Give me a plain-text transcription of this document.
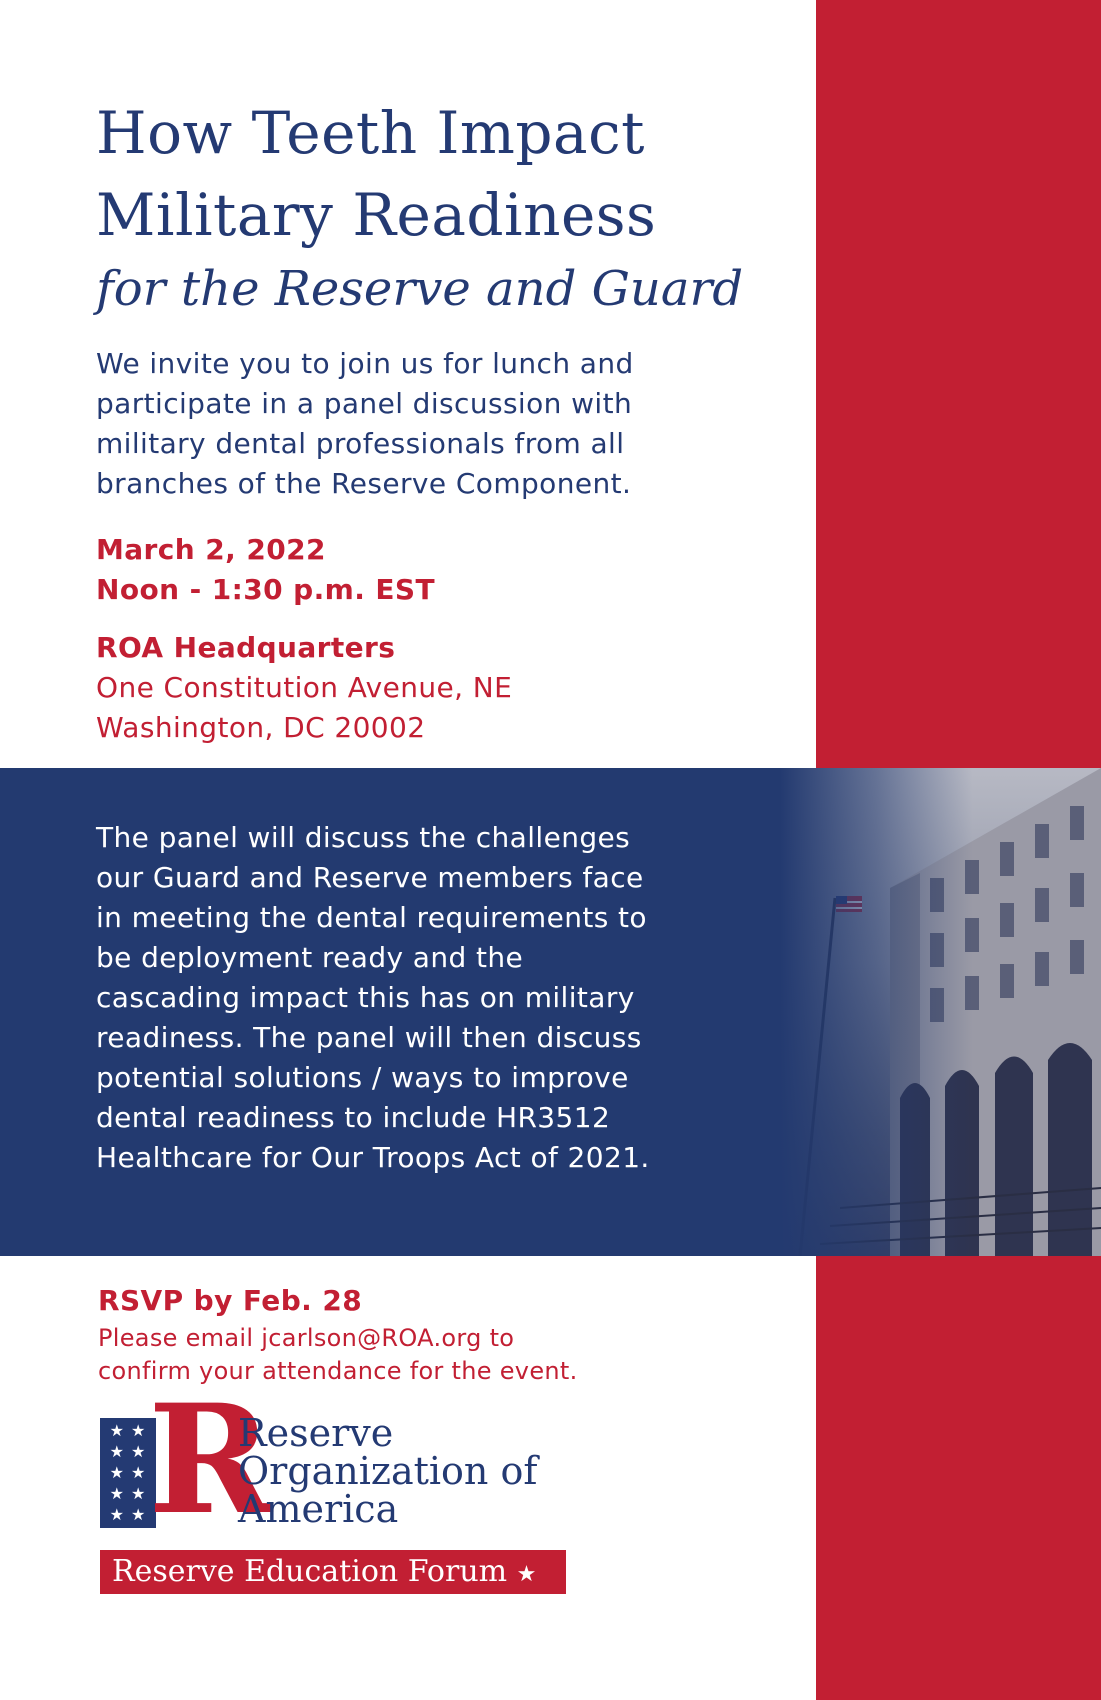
How Teeth Impact
Military Readiness
for the Reserve and Guard

We invite you to join us for lunch and
participate in a panel discussion with
military dental professionals from all
branches of the Reserve Component.

March 2, 2022
Noon - 1:30 p.m. EST
ROA Headquarters
One Constitution Avenue, NE
Washington, DC 20002

The panel will discuss the challenges
our Guard and Reserve members face
in meeting the dental requirements to
be deployment ready and the
cascading impact this has on military
readiness. The panel will then discuss
potential solutions / ways to improve
dental readiness to include HR3512
Healthcare for Our Troops Act of 2021.

RSVP by Feb. 28

Please email jcarlson@ROA.org to
confirm your attendance for the event.

★ ★
★ ★
★ ★
★ ★
★ ★ R
Reserve
Organization of
America
Reserve Education Forum ★
